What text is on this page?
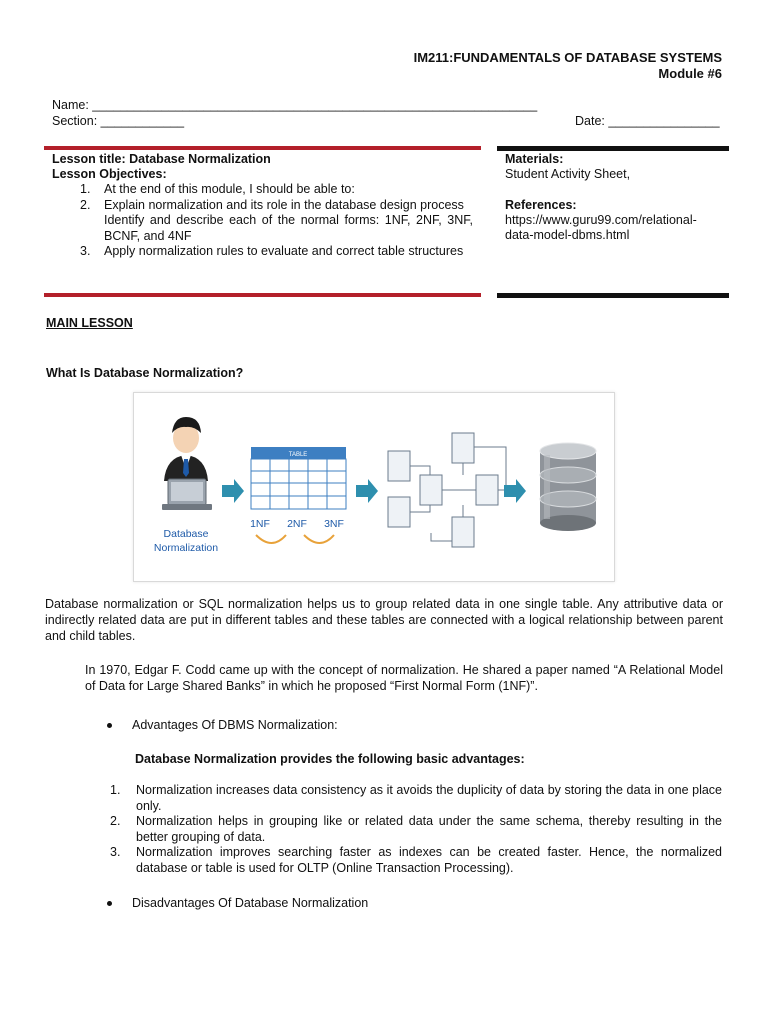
IM211:FUNDAMENTALS OF DATABASE SYSTEMS
Module #6
Name: ________________________________________________________________
Section: ____________	Date: ________________
Lesson title: Database Normalization
Lesson Objectives:
1. At the end of this module, I should be able to:
2. Explain normalization and its role in the database design process
Identify and describe each of the normal forms: 1NF, 2NF, 3NF, BCNF, and 4NF
3. Apply normalization rules to evaluate and correct table structures
Materials:
Student Activity Sheet,
References:
https://www.guru99.com/relational-
data-model-dbms.html
MAIN LESSON
What Is Database Normalization?
Database
Normalization
TABLE
1NF 2NF 3NF
Database normalization or SQL normalization helps us to group related data in one single table. Any attributive data or indirectly related data are put in different tables and these tables are connected with a logical relationship between parent and child tables.
In 1970, Edgar F. Codd came up with the concept of normalization. He shared a paper named “A Relational Model of Data for Large Shared Banks” in which he proposed “First Normal Form (1NF)”.
Advantages Of DBMS Normalization:
Database Normalization provides the following basic advantages:
1. Normalization increases data consistency as it avoids the duplicity of data by storing the data in one place only.
2. Normalization helps in grouping like or related data under the same schema, thereby resulting in the better grouping of data.
3. Normalization improves searching faster as indexes can be created faster. Hence, the normalized database or table is used for OLTP (Online Transaction Processing).
Disadvantages Of Database Normalization
